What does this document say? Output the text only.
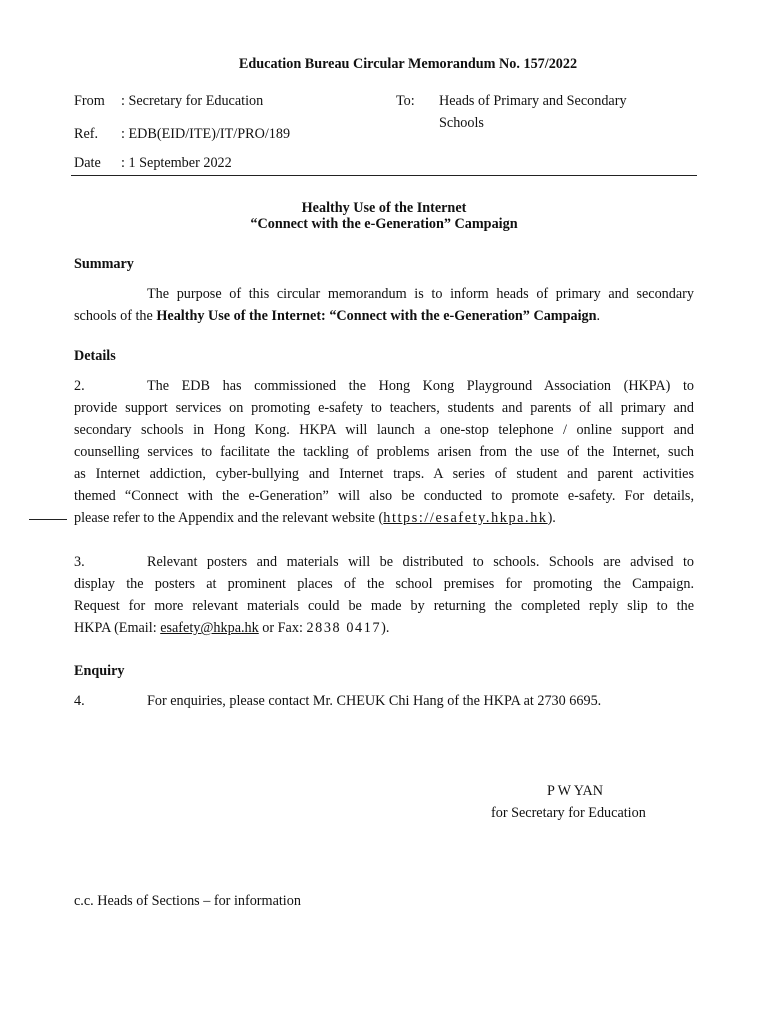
Education Bureau Circular Memorandum No. 157/2022
From : Secretary for Education
Ref. : EDB(EID/ITE)/IT/PRO/189
Date : 1 September 2022
To: Heads of Primary and Secondary
Schools
Healthy Use of the Internet
“Connect with the e-Generation” Campaign
Summary
The purpose of this circular memorandum is to inform heads of primary and secondary
schools of the Healthy Use of the Internet: “Connect with the e-Generation” Campaign.
Details
2.	The EDB has commissioned the Hong Kong Playground Association (HKPA) to
provide support services on promoting e-safety to teachers, students and parents of all primary and
secondary schools in Hong Kong. HKPA will launch a one-stop telephone / online support and
counselling services to facilitate the tackling of problems arisen from the use of the Internet, such
as Internet addiction, cyber-bullying and Internet traps. A series of student and parent activities
themed “Connect with the e-Generation” will also be conducted to promote e-safety. For details,
please refer to the Appendix and the relevant website (https://esafety.hkpa.hk).
3.	Relevant posters and materials will be distributed to schools. Schools are advised to
display the posters at prominent places of the school premises for promoting the Campaign.
Request for more relevant materials could be made by returning the completed reply slip to the
HKPA (Email: esafety@hkpa.hk or Fax: 2838 0417).
Enquiry
4.	For enquiries, please contact Mr. CHEUK Chi Hang of the HKPA at 2730 6695.
P W YAN
for Secretary for Education
c.c. Heads of Sections – for information
